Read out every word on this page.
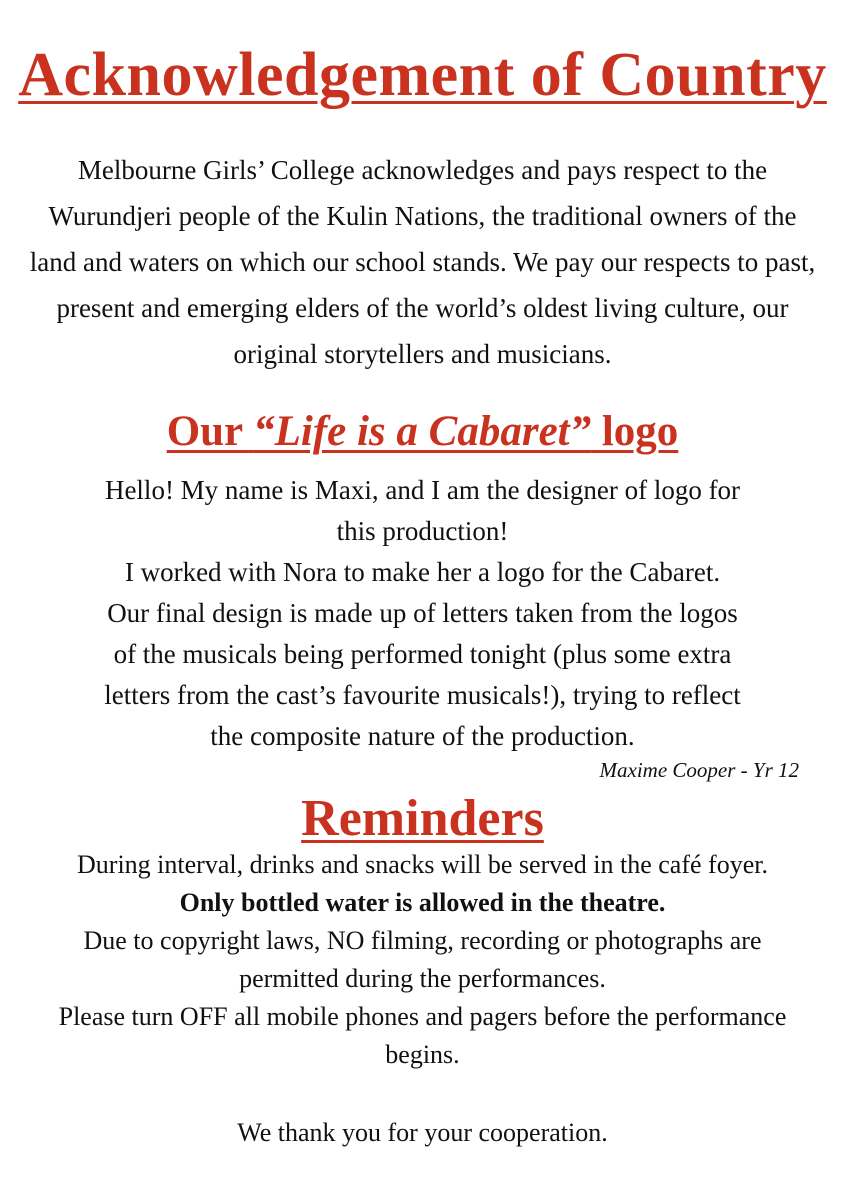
Acknowledgement of Country
Melbourne Girls’ College acknowledges and pays respect to the
Wurundjeri people of the Kulin Nations, the traditional owners of the
land and waters on which our school stands. We pay our respects to past,
present and emerging elders of the world’s oldest living culture, our
original storytellers and musicians.
Our “Life is a Cabaret” logo
Hello! My name is Maxi, and I am the designer of logo for
this production!
I worked with Nora to make her a logo for the Cabaret.
Our final design is made up of letters taken from the logos
of the musicals being performed tonight (plus some extra
letters from the cast’s favourite musicals!), trying to reflect
the composite nature of the production.
Maxime Cooper - Yr 12
Reminders
During interval, drinks and snacks will be served in the café foyer.
Only bottled water is allowed in the theatre.
Due to copyright laws, NO filming, recording or photographs are
permitted during the performances.
Please turn OFF all mobile phones and pagers before the performance
begins.
We thank you for your cooperation.
